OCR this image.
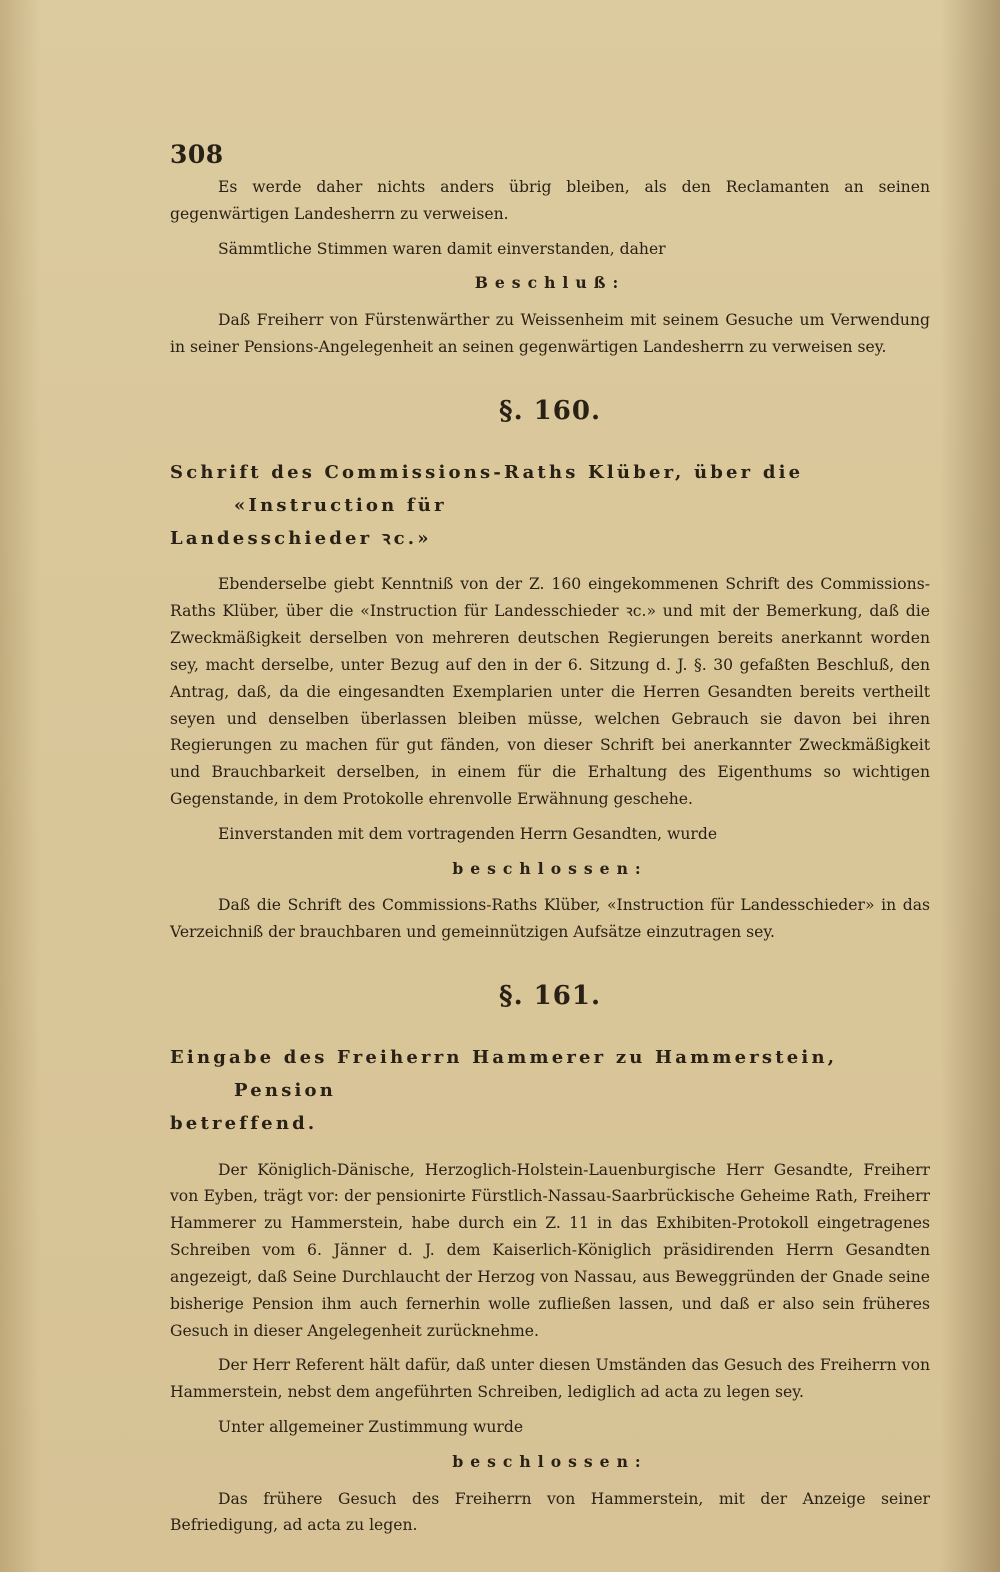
308

Es werde daher nichts anders übrig bleiben, als den Reclamanten an seinen gegenwärtigen Landesherrn zu verweisen.

Sämmtliche Stimmen waren damit einverstanden, daher

Beschluß:

Daß Freiherr von Fürstenwärther zu Weissenheim mit seinem Gesuche um Verwendung in seiner Pensions-Angelegenheit an seinen gegenwärtigen Landesherrn zu verweisen sey.

§. 160.
Schrift des Commissions-Raths Klüber, über die «Instruction für
Landesschieder ꝛc.»

Ebenderselbe giebt Kenntniß von der Z. 160 eingekommenen Schrift des Commissions-Raths Klüber, über die «Instruction für Landesschieder ꝛc.» und mit der Bemerkung, daß die Zweckmäßigkeit derselben von mehreren deutschen Regierungen bereits anerkannt worden sey, macht derselbe, unter Bezug auf den in der 6. Sitzung d. J. §. 30 gefaßten Beschluß, den Antrag, daß, da die eingesandten Exemplarien unter die Herren Gesandten bereits vertheilt seyen und denselben überlassen bleiben müsse, welchen Gebrauch sie davon bei ihren Regierungen zu machen für gut fänden, von dieser Schrift bei anerkannter Zweckmäßigkeit und Brauchbarkeit derselben, in einem für die Erhaltung des Eigenthums so wichtigen Gegenstande, in dem Protokolle ehrenvolle Erwähnung geschehe.

Einverstanden mit dem vortragenden Herrn Gesandten, wurde

beschlossen:

Daß die Schrift des Commissions-Raths Klüber, «Instruction für Landesschieder» in das Verzeichniß der brauchbaren und gemeinnützigen Aufsätze einzutragen sey.

§. 161.
Eingabe des Freiherrn Hammerer zu Hammerstein, Pension
betreffend.

Der Königlich-Dänische, Herzoglich-Holstein-Lauenburgische Herr Gesandte, Freiherr von Eyben, trägt vor: der pensionirte Fürstlich-Nassau-Saarbrückische Geheime Rath, Freiherr Hammerer zu Hammerstein, habe durch ein Z. 11 in das Exhibiten-Protokoll eingetragenes Schreiben vom 6. Jänner d. J. dem Kaiserlich-Königlich präsidirenden Herrn Gesandten angezeigt, daß Seine Durchlaucht der Herzog von Nassau, aus Beweggründen der Gnade seine bisherige Pension ihm auch fernerhin wolle zufließen lassen, und daß er also sein früheres Gesuch in dieser Angelegenheit zurücknehme.

Der Herr Referent hält dafür, daß unter diesen Umständen das Gesuch des Freiherrn von Hammerstein, nebst dem angeführten Schreiben, lediglich ad acta zu legen sey.

Unter allgemeiner Zustimmung wurde

beschlossen:

Das frühere Gesuch des Freiherrn von Hammerstein, mit der Anzeige seiner Befriedigung, ad acta zu legen.
